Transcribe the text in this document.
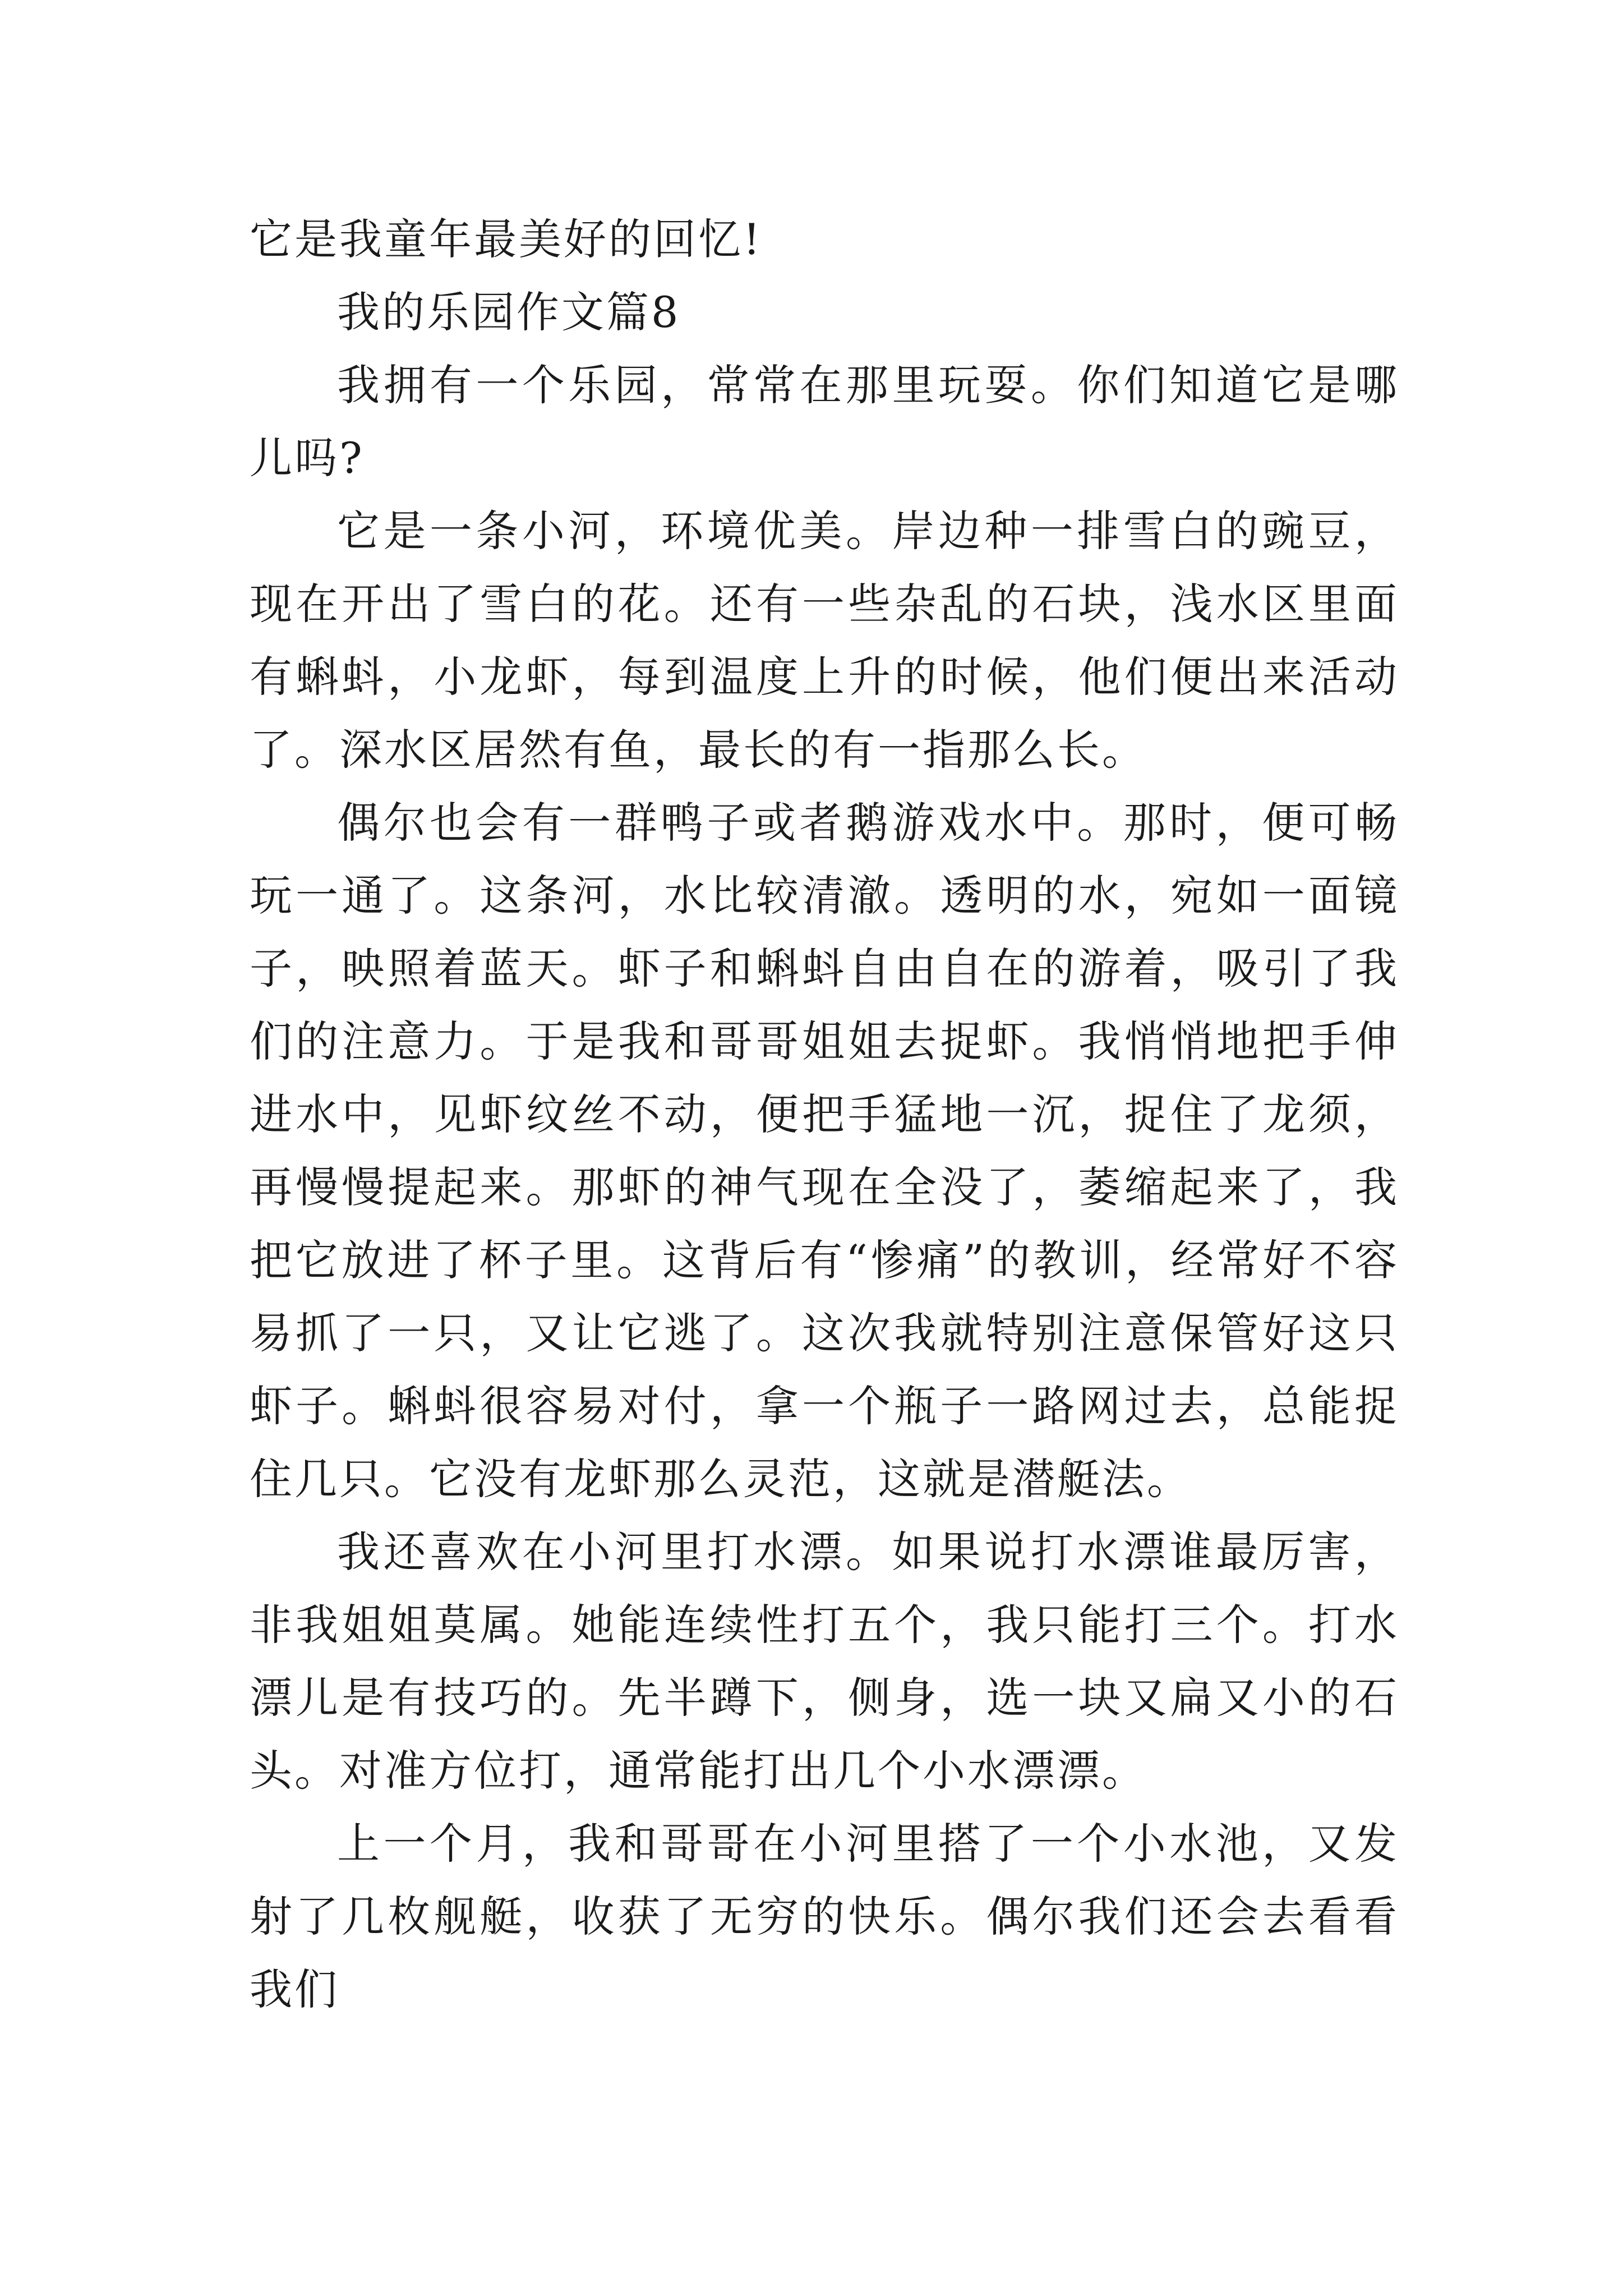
它是我童年最美好的回忆!

我的乐园作文篇8

我拥有一个乐园，常常在那里玩耍。你们知道它是哪儿吗?

它是一条小河，环境优美。岸边种一排雪白的豌豆，现在开出了雪白的花。还有一些杂乱的石块，浅水区里面有蝌蚪，小龙虾，每到温度上升的时候，他们便出来活动了。深水区居然有鱼，最长的有一指那么长。

偶尔也会有一群鸭子或者鹅游戏水中。那时，便可畅玩一通了。这条河，水比较清澈。透明的水，宛如一面镜子，映照着蓝天。虾子和蝌蚪自由自在的游着，吸引了我们的注意力。于是我和哥哥姐姐去捉虾。我悄悄地把手伸进水中，见虾纹丝不动，便把手猛地一沉，捉住了龙须，再慢慢提起来。那虾的神气现在全没了，萎缩起来了，我把它放进了杯子里。这背后有“惨痛”的教训，经常好不容易抓了一只，又让它逃了。这次我就特别注意保管好这只虾子。蝌蚪很容易对付，拿一个瓶子一路网过去，总能捉住几只。它没有龙虾那么灵范，这就是潜艇法。

我还喜欢在小河里打水漂。如果说打水漂谁最厉害，非我姐姐莫属。她能连续性打五个，我只能打三个。打水漂儿是有技巧的。先半蹲下，侧身，选一块又扁又小的石头。对准方位打，通常能打出几个小水漂漂。

上一个月，我和哥哥在小河里搭了一个小水池，又发射了几枚舰艇，收获了无穷的快乐。偶尔我们还会去看看我们
